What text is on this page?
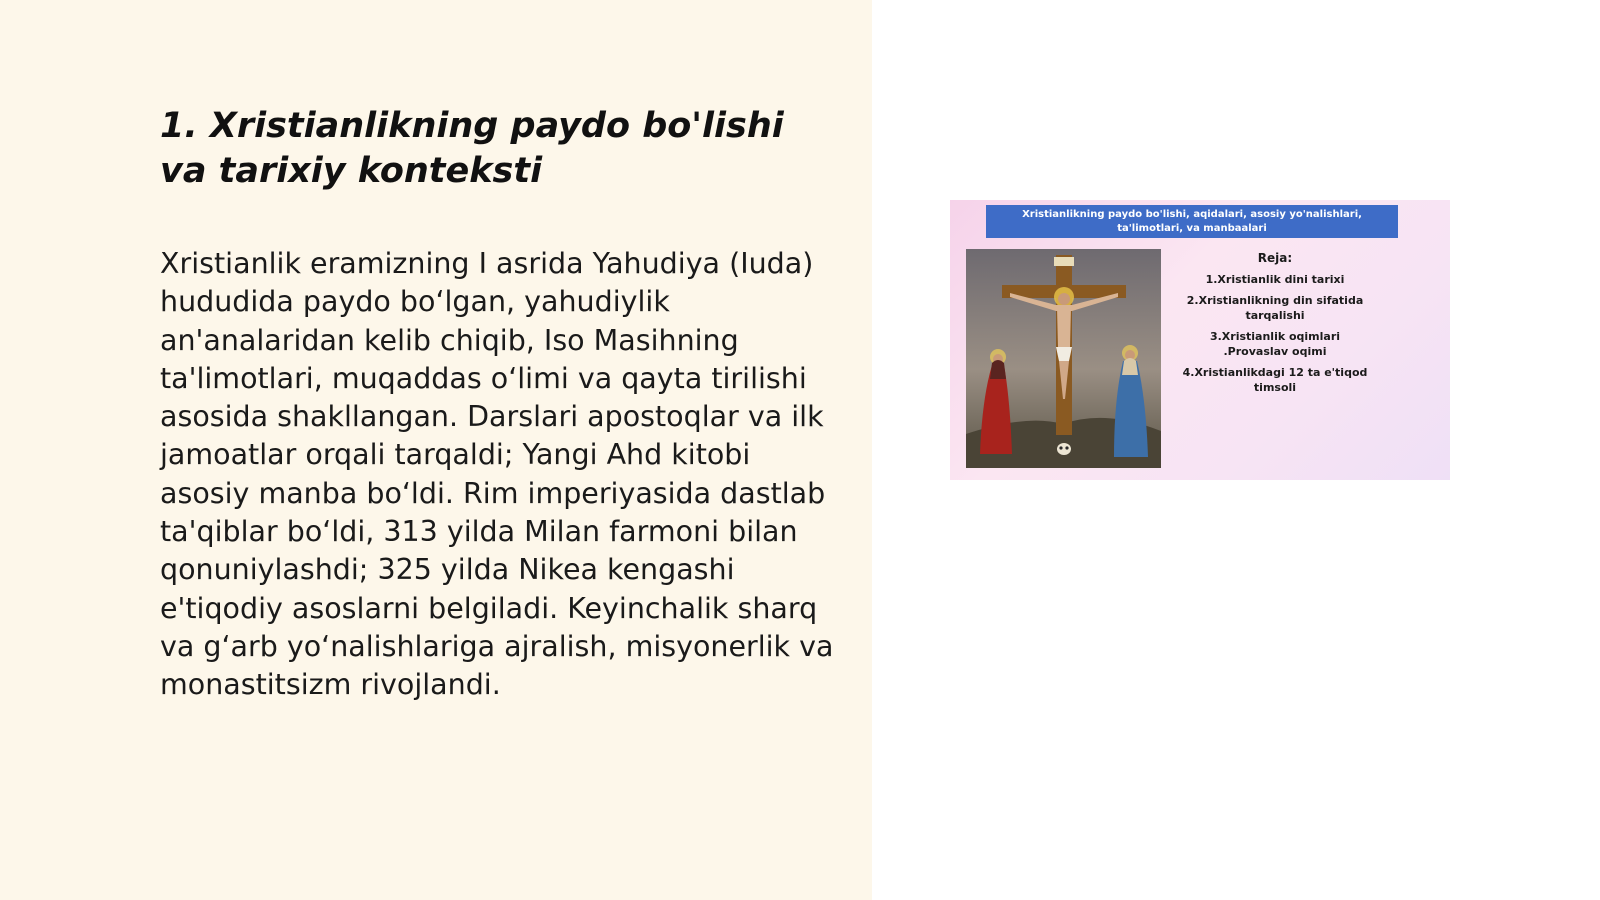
1. Xristianlikning paydo bo'lishi va tarixiy konteksti

Xristianlik eramizning I asrida Yahudiya (Iuda) hududida paydo bo‘lgan, yahudiylik an'analaridan kelib chiqib, Iso Masihning ta'limotlari, muqaddas o‘limi va qayta tirilishi asosida shakllangan. Darslari apostoqlar va ilk jamoatlar orqali tarqaldi; Yangi Ahd kitobi asosiy manba bo‘ldi. Rim imperiyasida dastlab ta'qiblar bo‘ldi, 313 yilda Milan farmoni bilan qonuniylashdi; 325 yilda Nikea kengashi e'tiqodiy asoslarni belgiladi. Keyinchalik sharq va g‘arb yo‘nalishlariga ajralish, misyonerlik va monastitsizm rivojlandi.

Xristianlikning paydo bo'lishi, aqidalari, asosiy yo'nalishlari, ta'limotlari, va manbaalari
Reja:
1.Xristianlik dini tarixi
2.Xristianlikning din sifatida tarqalishi
3.Xristianlik oqimlari .Provaslav oqimi
4.Xristianlikdagi 12 ta e'tiqod timsoli
